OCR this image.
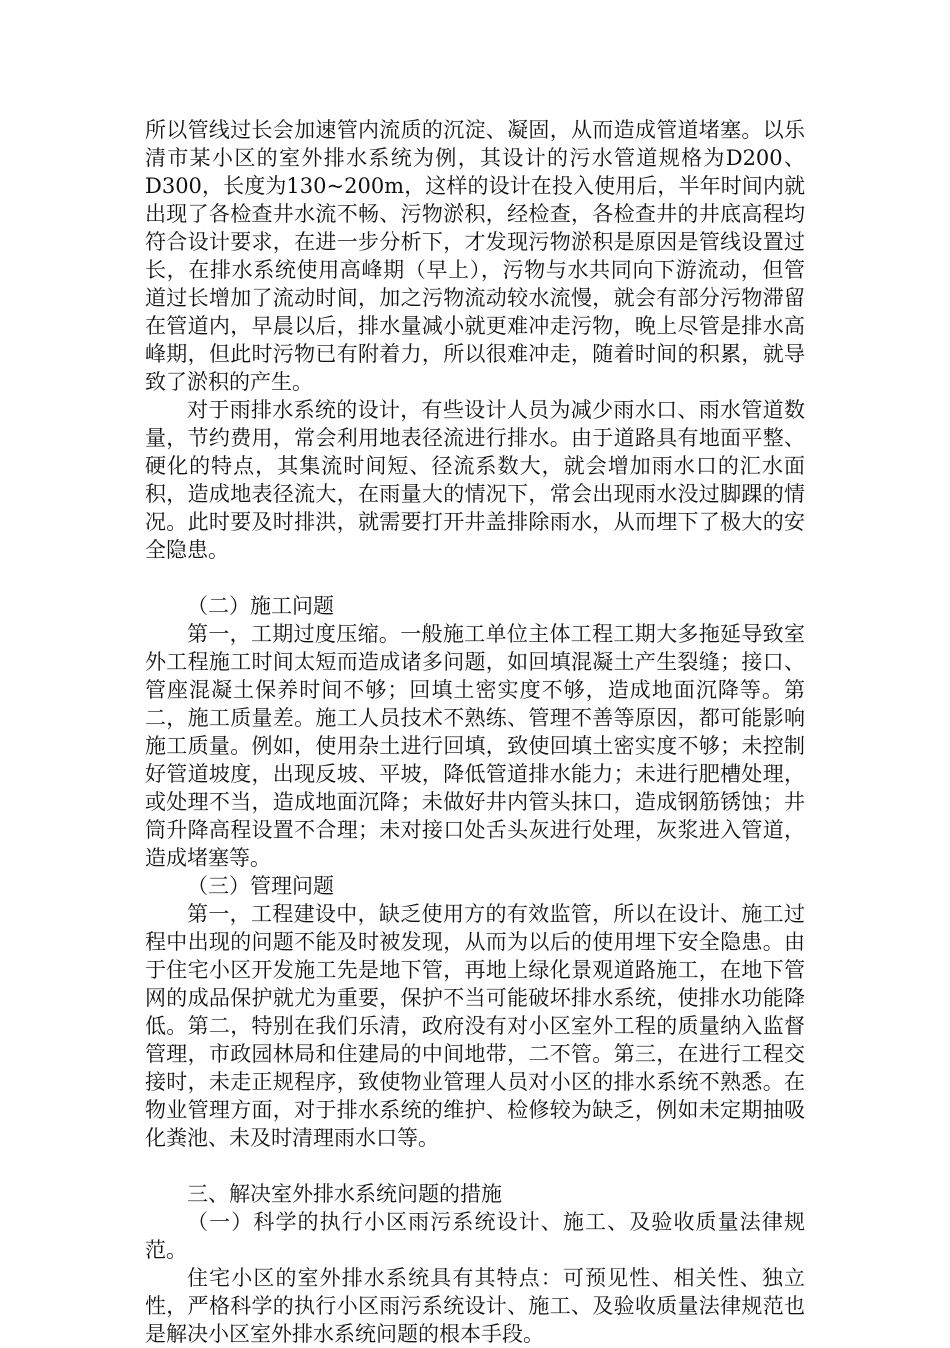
所以管线过长会加速管内流质的沉淀、凝固，从而造成管道堵塞。以乐清市某小区的室外排水系统为例，其设计的污水管道规格为D200、D300，长度为130~200m，这样的设计在投入使用后，半年时间内就出现了各检查井水流不畅、污物淤积，经检查，各检查井的井底高程均符合设计要求，在进一步分析下，才发现污物淤积是原因是管线设置过长，在排水系统使用高峰期（早上），污物与水共同向下游流动，但管道过长增加了流动时间，加之污物流动较水流慢，就会有部分污物滞留在管道内，早晨以后，排水量减小就更难冲走污物，晚上尽管是排水高峰期，但此时污物已有附着力，所以很难冲走，随着时间的积累，就导致了淤积的产生。

对于雨排水系统的设计，有些设计人员为减少雨水口、雨水管道数量，节约费用，常会利用地表径流进行排水。由于道路具有地面平整、硬化的特点，其集流时间短、径流系数大，就会增加雨水口的汇水面积，造成地表径流大，在雨量大的情况下，常会出现雨水没过脚踝的情况。此时要及时排洪，就需要打开井盖排除雨水，从而埋下了极大的安全隐患。

（二）施工问题

第一，工期过度压缩。一般施工单位主体工程工期大多拖延导致室外工程施工时间太短而造成诸多问题，如回填混凝土产生裂缝；接口、管座混凝土保养时间不够；回填土密实度不够，造成地面沉降等。第二，施工质量差。施工人员技术不熟练、管理不善等原因，都可能影响施工质量。例如，使用杂土进行回填，致使回填土密实度不够；未控制好管道坡度，出现反坡、平坡，降低管道排水能力；未进行肥槽处理，或处理不当，造成地面沉降；未做好井内管头抹口，造成钢筋锈蚀；井筒升降高程设置不合理；未对接口处舌头灰进行处理，灰浆进入管道，造成堵塞等。

（三）管理问题

第一，工程建设中，缺乏使用方的有效监管，所以在设计、施工过程中出现的问题不能及时被发现，从而为以后的使用埋下安全隐患。由于住宅小区开发施工先是地下管，再地上绿化景观道路施工，在地下管网的成品保护就尤为重要，保护不当可能破坏排水系统，使排水功能降低。第二，特别在我们乐清，政府没有对小区室外工程的质量纳入监督管理，市政园林局和住建局的中间地带，二不管。第三，在进行工程交接时，未走正规程序，致使物业管理人员对小区的排水系统不熟悉。在物业管理方面，对于排水系统的维护、检修较为缺乏，例如未定期抽吸化粪池、未及时清理雨水口等。

三、解决室外排水系统问题的措施

（一）科学的执行小区雨污系统设计、施工、及验收质量法律规范。

住宅小区的室外排水系统具有其特点：可预见性、相关性、独立性，严格科学的执行小区雨污系统设计、施工、及验收质量法律规范也是解决小区室外排水系统问题的根本手段。
